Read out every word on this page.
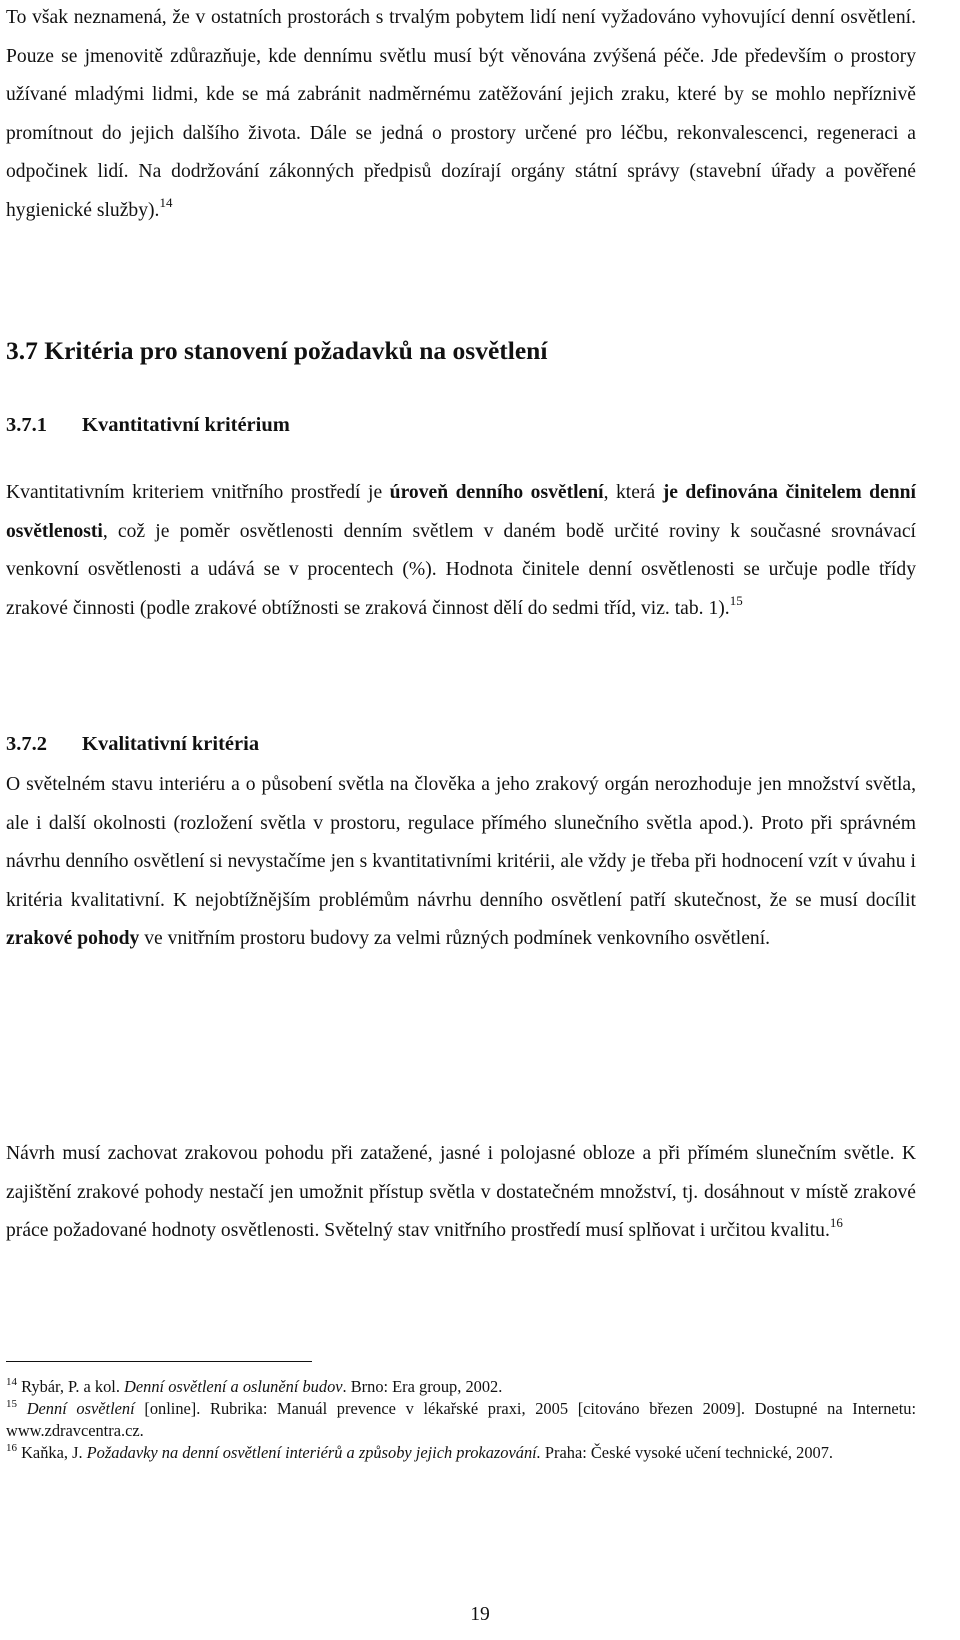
To však neznamená, že v ostatních prostorách s trvalým pobytem lidí není vyžadováno vyhovující denní osvětlení. Pouze se jmenovitě zdůrazňuje, kde dennímu světlu musí být věnována zvýšená péče. Jde především o prostory užívané mladými lidmi, kde se má zabránit nadměrnému zatěžování jejich zraku, které by se mohlo nepříznivě promítnout do jejich dalšího života. Dále se jedná o prostory určené pro léčbu, rekonvalescenci, regeneraci a odpočinek lidí. Na dodržování zákonných předpisů dozírají orgány státní správy (stavební úřady a pověřené hygienické služby).$^{14}$

3.7 Kritéria pro stanovení požadavků na osvětlení
3.7.1 Kvantitativní kritérium

Kvantitativním kriteriem vnitřního prostředí je úroveň denního osvětlení, která je definována činitelem denní osvětlenosti, což je poměr osvětlenosti denním světlem v daném bodě určité roviny k současné srovnávací venkovní osvětlenosti a udává se v procentech (%). Hodnota činitele denní osvětlenosti se určuje podle třídy zrakové činnosti (podle zrakové obtížnosti se zraková činnost dělí do sedmi tříd, viz. tab. 1).$^{15}$

3.7.2 Kvalitativní kritéria

O světelném stavu interiéru a o působení světla na člověka a jeho zrakový orgán nerozhoduje jen množství světla, ale i další okolnosti (rozložení světla v prostoru, regulace přímého slunečního světla apod.). Proto při správném návrhu denního osvětlení si nevystačíme jen s kvantitativními kritérii, ale vždy je třeba při hodnocení vzít v úvahu i kritéria kvalitativní. K nejobtížnějším problémům návrhu denního osvětlení patří skutečnost, že se musí docílit zrakové pohody ve vnitřním prostoru budovy za velmi různých podmínek venkovního osvětlení.

Návrh musí zachovat zrakovou pohodu při zatažené, jasné i polojasné obloze a při přímém slunečním světle. K zajištění zrakové pohody nestačí jen umožnit přístup světla v dostatečném množství, tj. dosáhnout v místě zrakové práce požadované hodnoty osvětlenosti. Světelný stav vnitřního prostředí musí splňovat i určitou kvalitu.$^{16}$

$^{14}$ Rybár, P. a kol. Denní osvětlení a oslunění budov. Brno: Era group, 2002.

$^{15}$ Denní osvětlení [online]. Rubrika: Manuál prevence v lékařské praxi, 2005 [citováno březen 2009]. Dostupné na Internetu: www.zdravcentra.cz.

$^{16}$ Kaňka, J. Požadavky na denní osvětlení interiérů a způsoby jejich prokazování. Praha: České vysoké učení technické, 2007.

19
